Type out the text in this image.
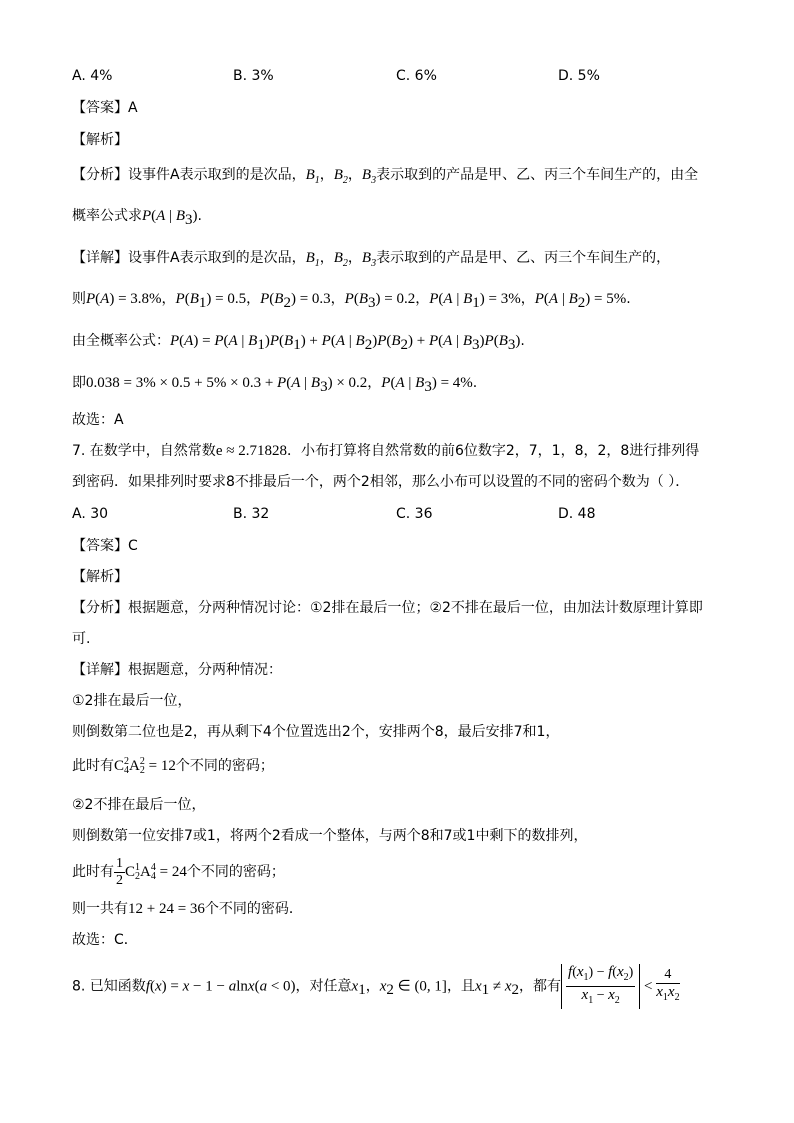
A. 4%	B. 3%	C. 6%	D. 5%
【答案】A
【解析】
【分析】设事件A表示取到的是次品，$B_1$，$B_2$，$B_3$表示取到的产品是甲、乙、丙三个车间生产的，由全
概率公式求P(A | $B_3$).
【详解】设事件A表示取到的是次品，$B_1$，$B_2$，$B_3$表示取到的产品是甲、乙、丙三个车间生产的，
则P(A) = 3.8%，$P(B_1) = 0.5$，$P(B_2) = 0.3$，$P(B_3) = 0.2$，P(A | $B_1) = 3\%$，P(A | $B_2) = 5\%$.
由全概率公式：P(A) = P(A | $B_1)P(B_1) + P(A$ | $B_2)P(B_2) + P(A$ | $B_3)P(B_3)$.
即0.038 = 3% × 0.5 + 5% × 0.3 + P(A | $B_3) \times 0.2$，P(A | $B_3) = 4\%$.
故选：A
7. 在数学中，自然常数e ≈ 2.71828．小布打算将自然常数的前6位数字2，7，1，8，2，8进行排列得
到密码．如果排列时要求8不排最后一个，两个2相邻，那么小布可以设置的不同的密码个数为（ ）．
A. 30	B. 32	C. 36	D. 48
【答案】C
【解析】
【分析】根据题意，分两种情况讨论：①2排在最后一位；②2不排在最后一位，由加法计数原理计算即
可.
【详解】根据题意，分两种情况：
①2排在最后一位，
则倒数第二位也是2，再从剩下4个位置选出2个，安排两个8，最后安排7和1，
此时有C2
4A2
2 = 12个不同的密码；
②2不排在最后一位，
则倒数第一位安排7或1，将两个2看成一个整体，与两个8和7或1中剩下的数排列，
此时有 $\frac{1}{2} C1$
2A4
4 = 24个不同的密码；
则一共有12 + 24 = 36个不同的密码．
故选：C．
8. 已知函数f(x) = x − 1 − alnx(a < 0)，对任意$x_1$，$x_2$ ∈ (0, 1]，且$x_1 \ne x_2$，都有 $\frac{f(x_1) - f(x_2)}{x_1 - x_2} < \frac{4}{x_1x_2}$
